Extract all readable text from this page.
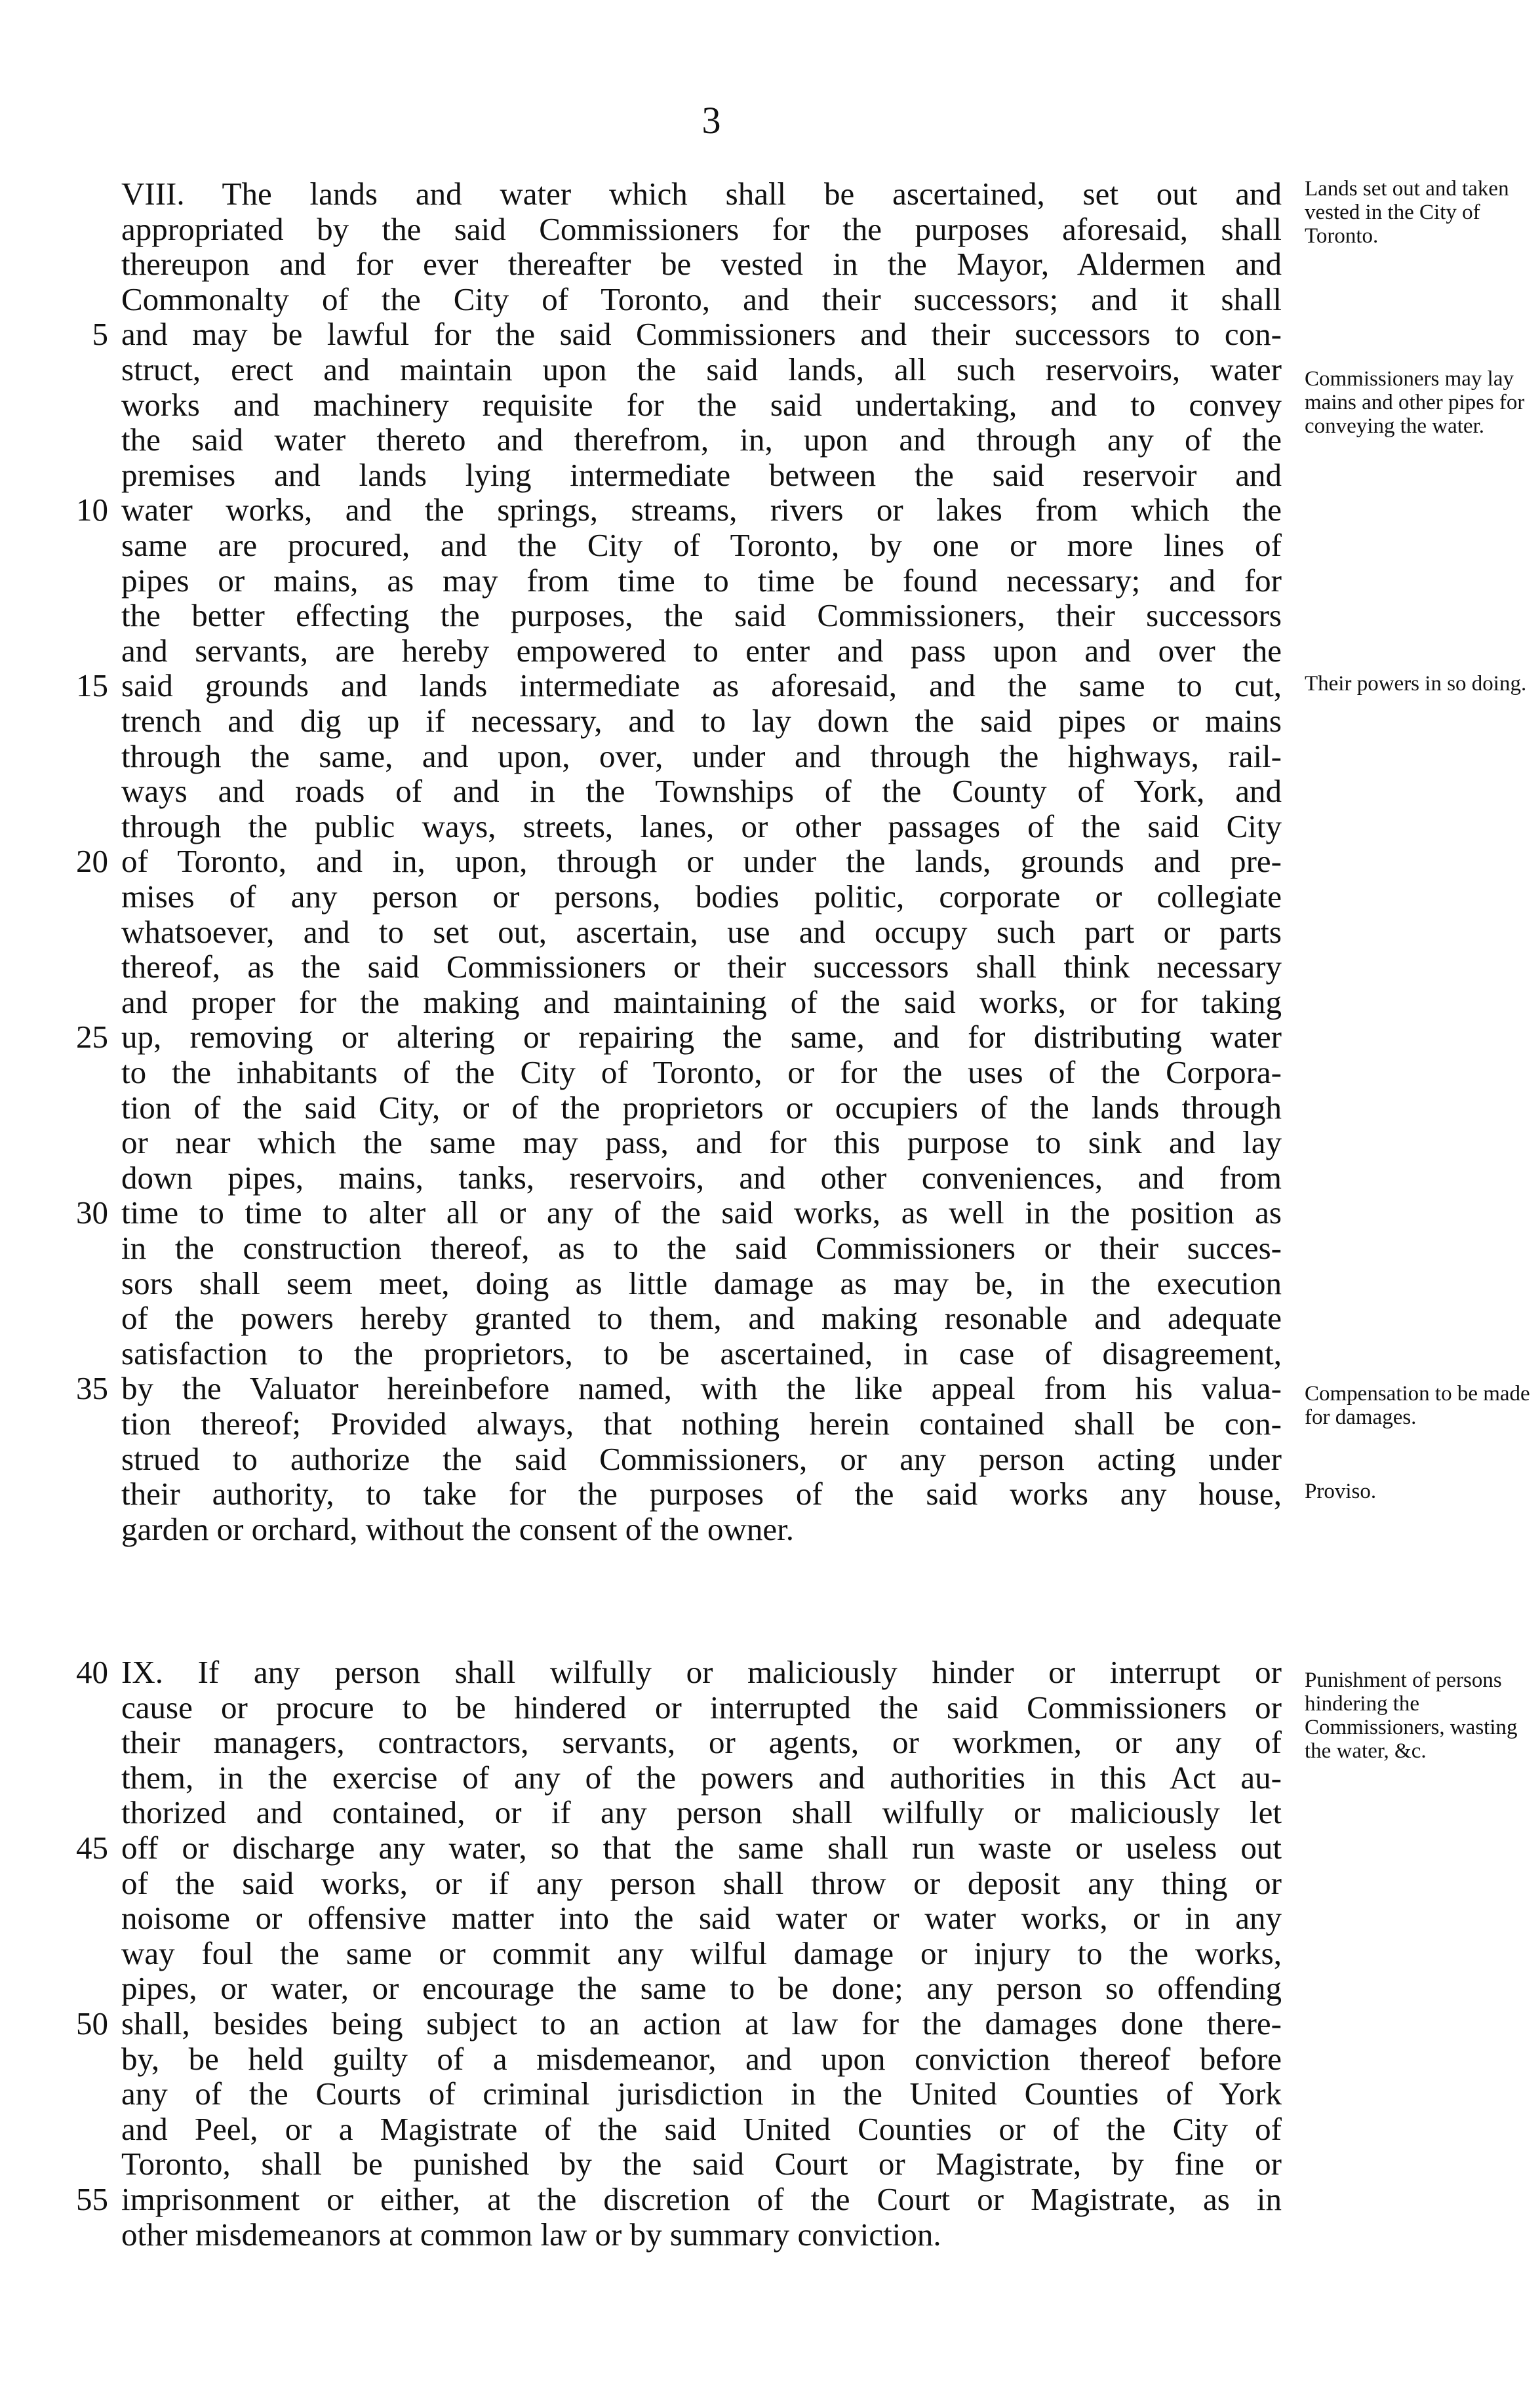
3
VIII. The lands and water which shall be ascertained, set out and
appropriated by the said Commissioners for the purposes aforesaid, shall
thereupon and for ever thereafter be vested in the Mayor, Aldermen and
Commonalty of the City of Toronto, and their successors; and it shall
and may be lawful for the said Commissioners and their successors to con-
struct, erect and maintain upon the said lands, all such reservoirs, water
works and machinery requisite for the said undertaking, and to convey
the said water thereto and therefrom, in, upon and through any of the
premises and lands lying intermediate between the said reservoir and
water works, and the springs, streams, rivers or lakes from which the
same are procured, and the City of Toronto, by one or more lines of
pipes or mains, as may from time to time be found necessary; and for
the better effecting the purposes, the said Commissioners, their successors
and servants, are hereby empowered to enter and pass upon and over the
said grounds and lands intermediate as aforesaid, and the same to cut,
trench and dig up if necessary, and to lay down the said pipes or mains
through the same, and upon, over, under and through the highways, rail-
ways and roads of and in the Townships of the County of York, and
through the public ways, streets, lanes, or other passages of the said City
of Toronto, and in, upon, through or under the lands, grounds and pre-
mises of any person or persons, bodies politic, corporate or collegiate
whatsoever, and to set out, ascertain, use and occupy such part or parts
thereof, as the said Commissioners or their successors shall think necessary
and proper for the making and maintaining of the said works, or for taking
up, removing or altering or repairing the same, and for distributing water
to the inhabitants of the City of Toronto, or for the uses of the Corpora-
tion of the said City, or of the proprietors or occupiers of the lands through
or near which the same may pass, and for this purpose to sink and lay
down pipes, mains, tanks, reservoirs, and other conveniences, and from
time to time to alter all or any of the said works, as well in the position as
in the construction thereof, as to the said Commissioners or their succes-
sors shall seem meet, doing as little damage as may be, in the execution
of the powers hereby granted to them, and making resonable and adequate
satisfaction to the proprietors, to be ascertained, in case of disagreement,
by the Valuator hereinbefore named, with the like appeal from his valua-
tion thereof; Provided always, that nothing herein contained shall be con-
strued to authorize the said Commissioners, or any person acting under
their authority, to take for the purposes of the said works any house,
garden or orchard, without the consent of the owner.
IX. If any person shall wilfully or maliciously hinder or interrupt or
cause or procure to be hindered or interrupted the said Commissioners or
their managers, contractors, servants, or agents, or workmen, or any of
them, in the exercise of any of the powers and authorities in this Act au-
thorized and contained, or if any person shall wilfully or maliciously let
off or discharge any water, so that the same shall run waste or useless out
of the said works, or if any person shall throw or deposit any thing or
noisome or offensive matter into the said water or water works, or in any
way foul the same or commit any wilful damage or injury to the works,
pipes, or water, or encourage the same to be done; any person so offending
shall, besides being subject to an action at law for the damages done there-
by, be held guilty of a misdemeanor, and upon conviction thereof before
any of the Courts of criminal jurisdiction in the United Counties of York
and Peel, or a Magistrate of the said United Counties or of the City of
Toronto, shall be punished by the said Court or Magistrate, by fine or
imprisonment or either, at the discretion of the Court or Magistrate, as in
other misdemeanors at common law or by summary conviction.
5
10
15
20
25
30
35
40
45
50
55
Lands set out and taken vested in the City of Toronto.
Commissioners may lay mains and other pipes for conveying the water.
Their powers in so doing.
Compensation to be made for damages.
Proviso.
Punishment of persons hindering the Commissioners, wasting the water, &c.
